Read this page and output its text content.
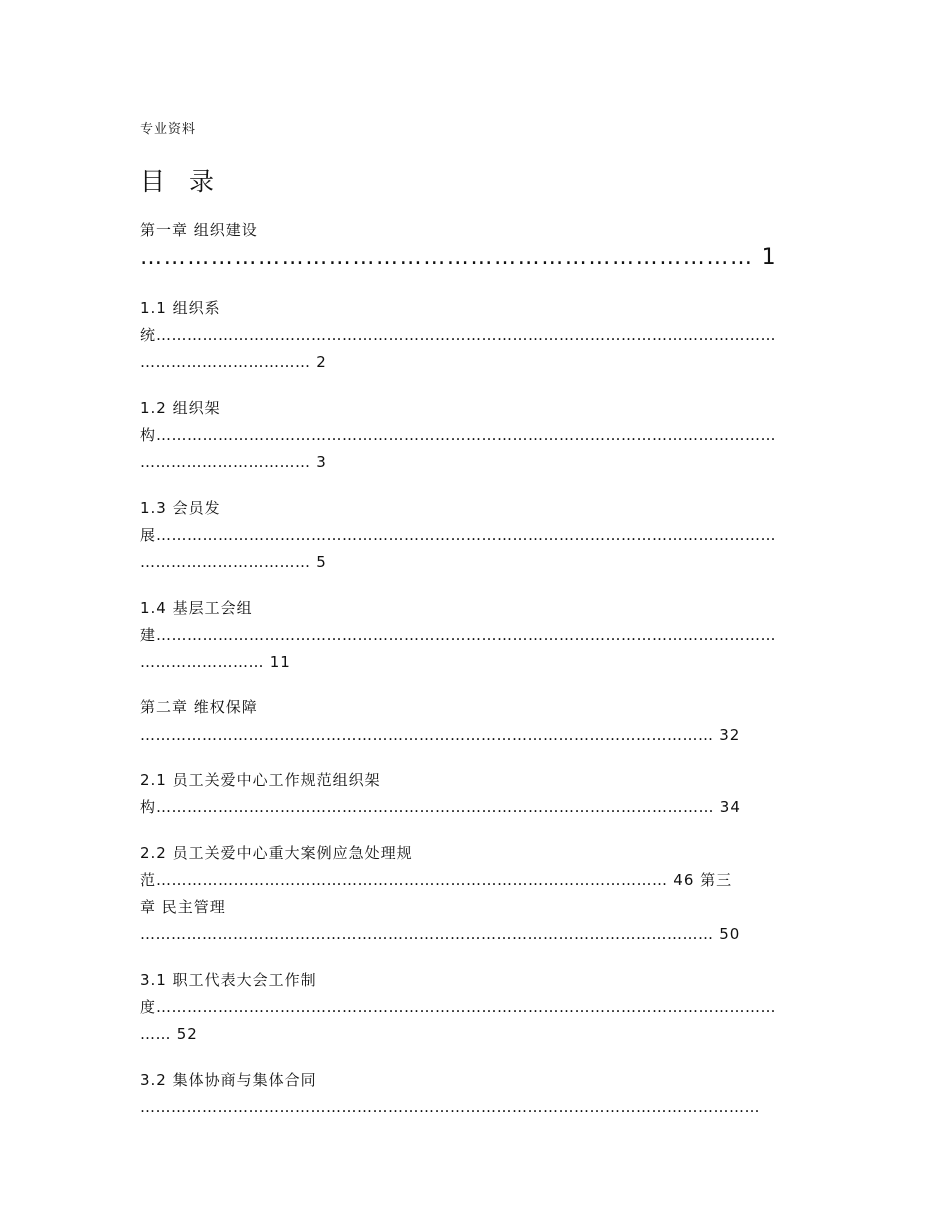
专业资料
目 录
第一章 组织建设
…………………………………………………………………… 1
1.1 组织系
统…………………………………………………………………………………………………………
…………………………… 2
1.2 组织架
构…………………………………………………………………………………………………………
…………………………… 3
1.3 会员发
展…………………………………………………………………………………………………………
…………………………… 5
1.4 基层工会组
建…………………………………………………………………………………………………………
…………………… 11
第二章 维权保障
………………………………………………………………………………………………… 32
2.1 员工关爱中心工作规范组织架
构……………………………………………………………………………………………… 34
2.2 员工关爱中心重大案例应急处理规
范……………………………………………………………………………………… 46 第三
章 民主管理
………………………………………………………………………………………………… 50
3.1 职工代表大会工作制
度…………………………………………………………………………………………………………
…… 52
3.2 集体协商与集体合同
…………………………………………………………………………………………………………
